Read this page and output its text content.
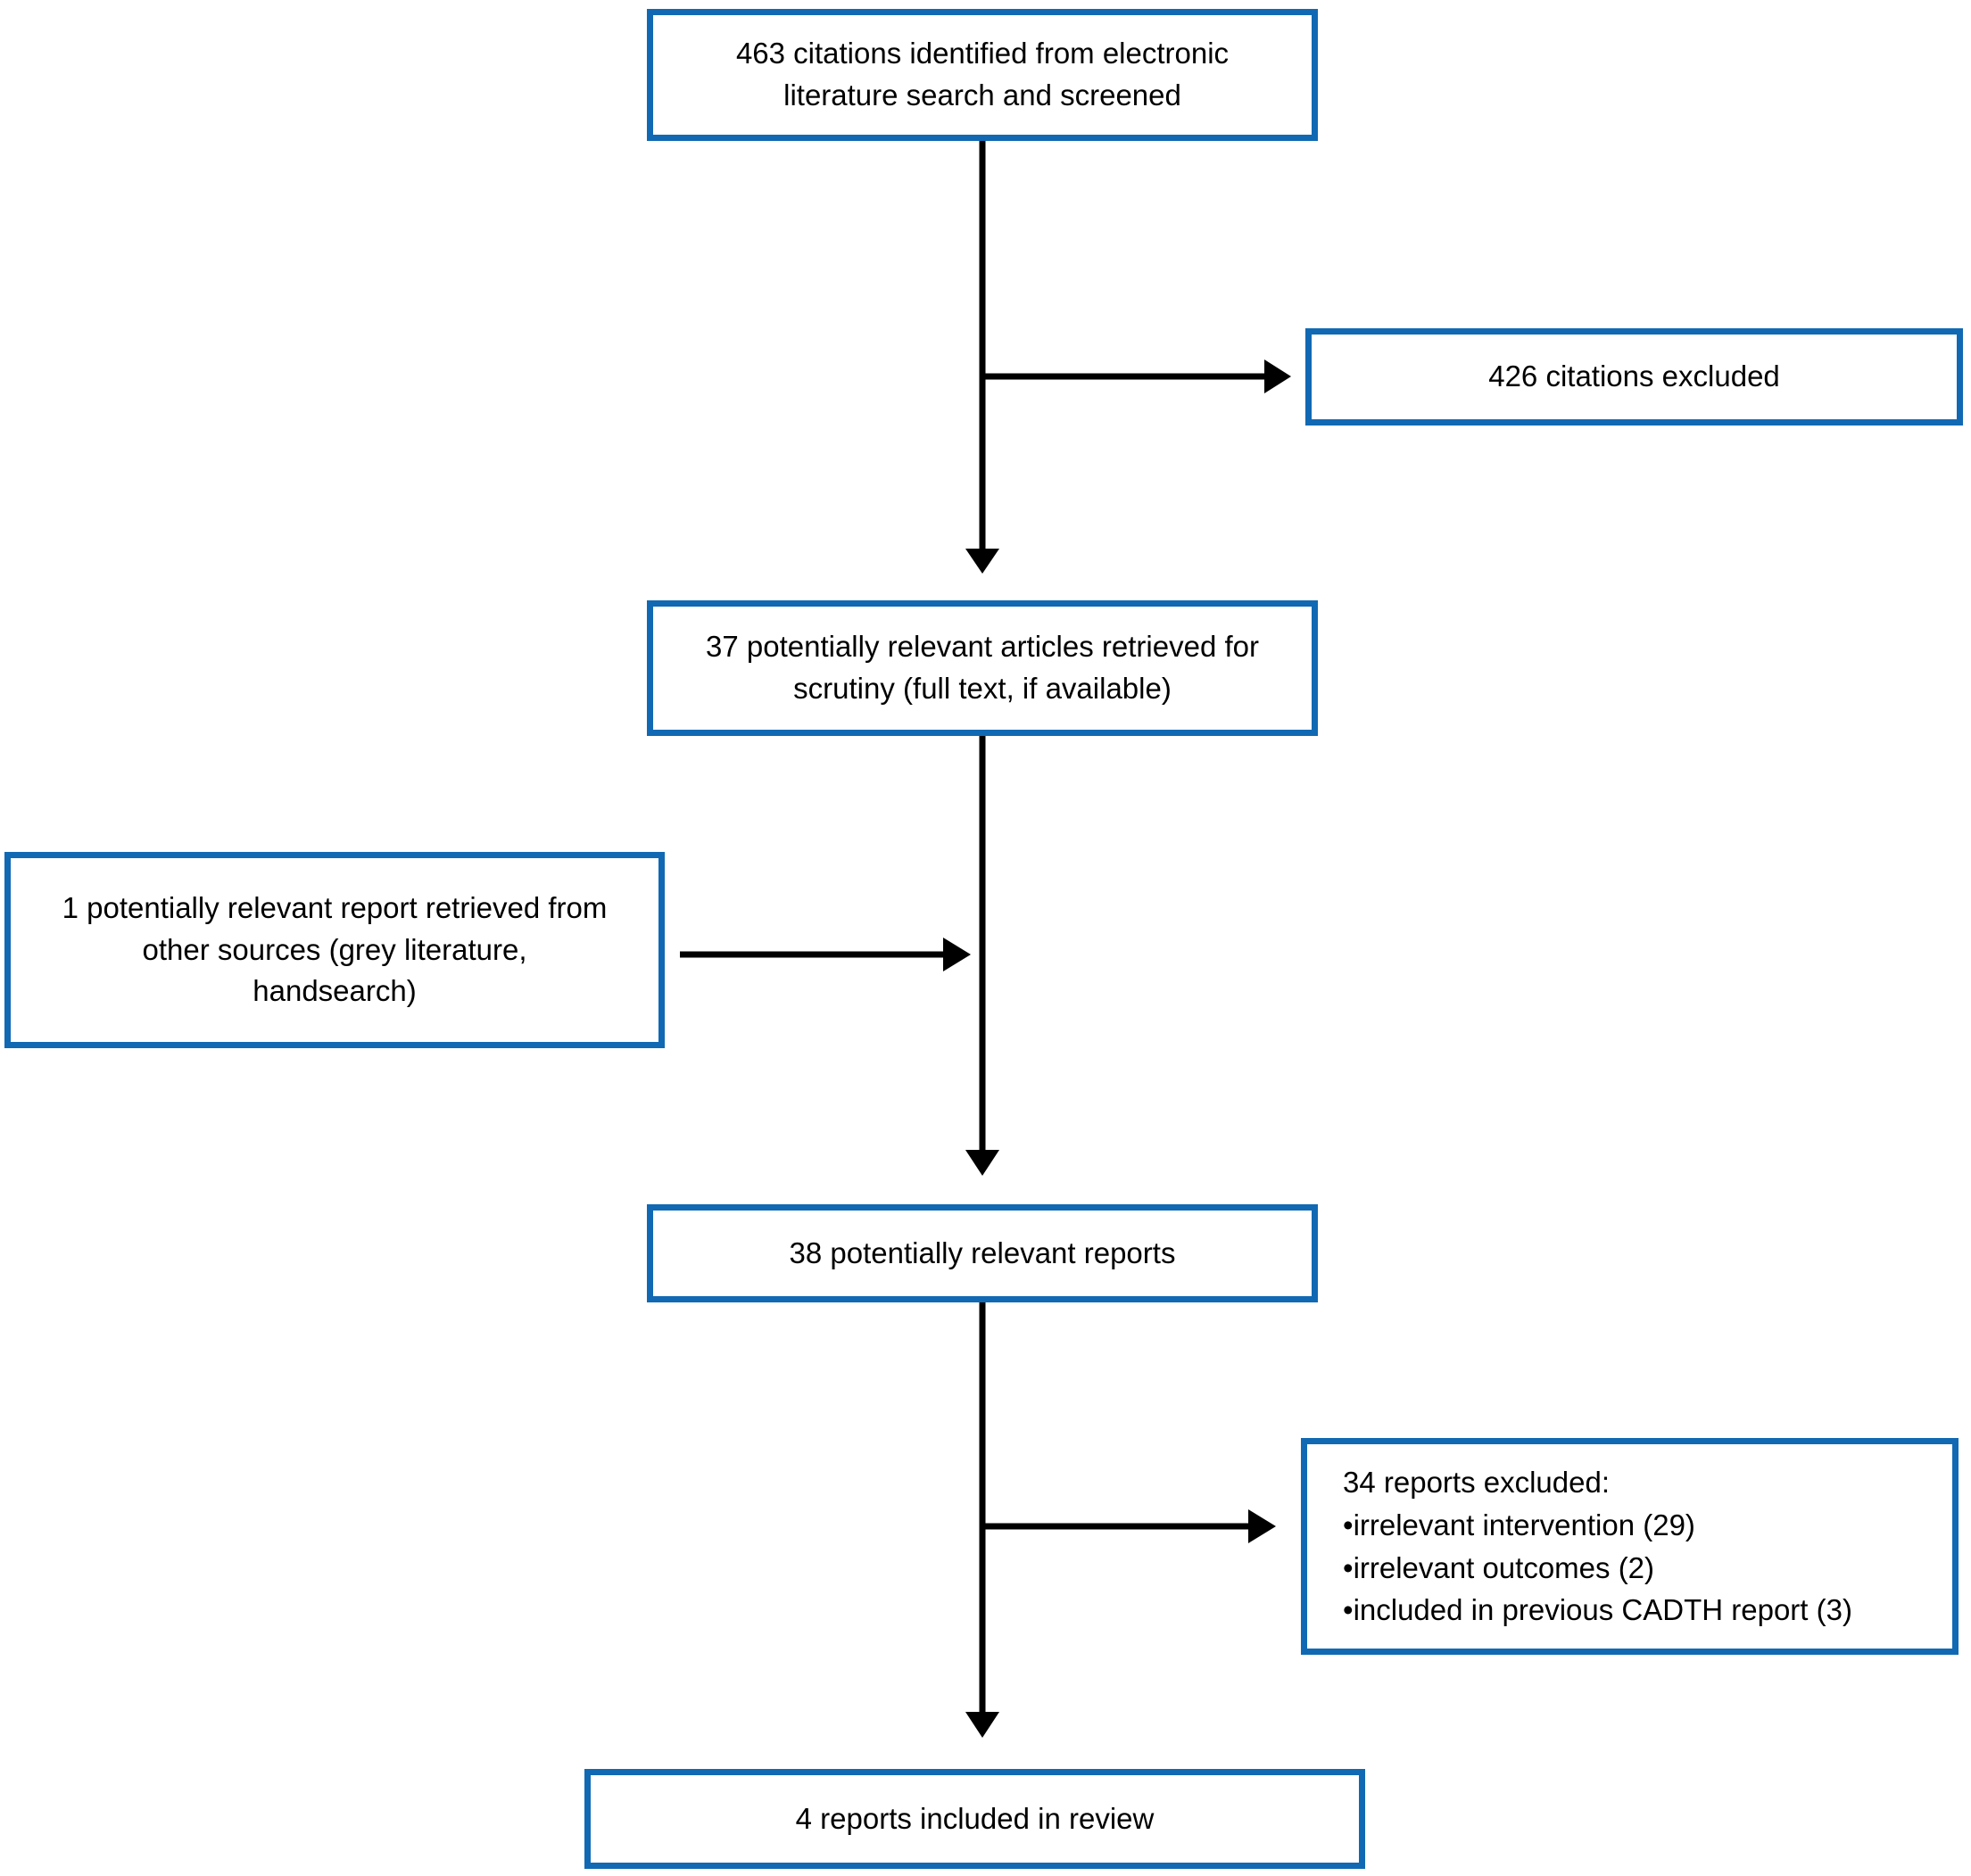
463 citations identified from electronic literature search and screened
426 citations excluded
37 potentially relevant articles retrieved for scrutiny (full text, if available)
1 potentially relevant report retrieved from other sources (grey literature, handsearch)
38 potentially relevant reports
34 reports excluded:
• irrelevant intervention (29)
• irrelevant outcomes (2)
• included in previous CADTH report (3)
4 reports included in review
